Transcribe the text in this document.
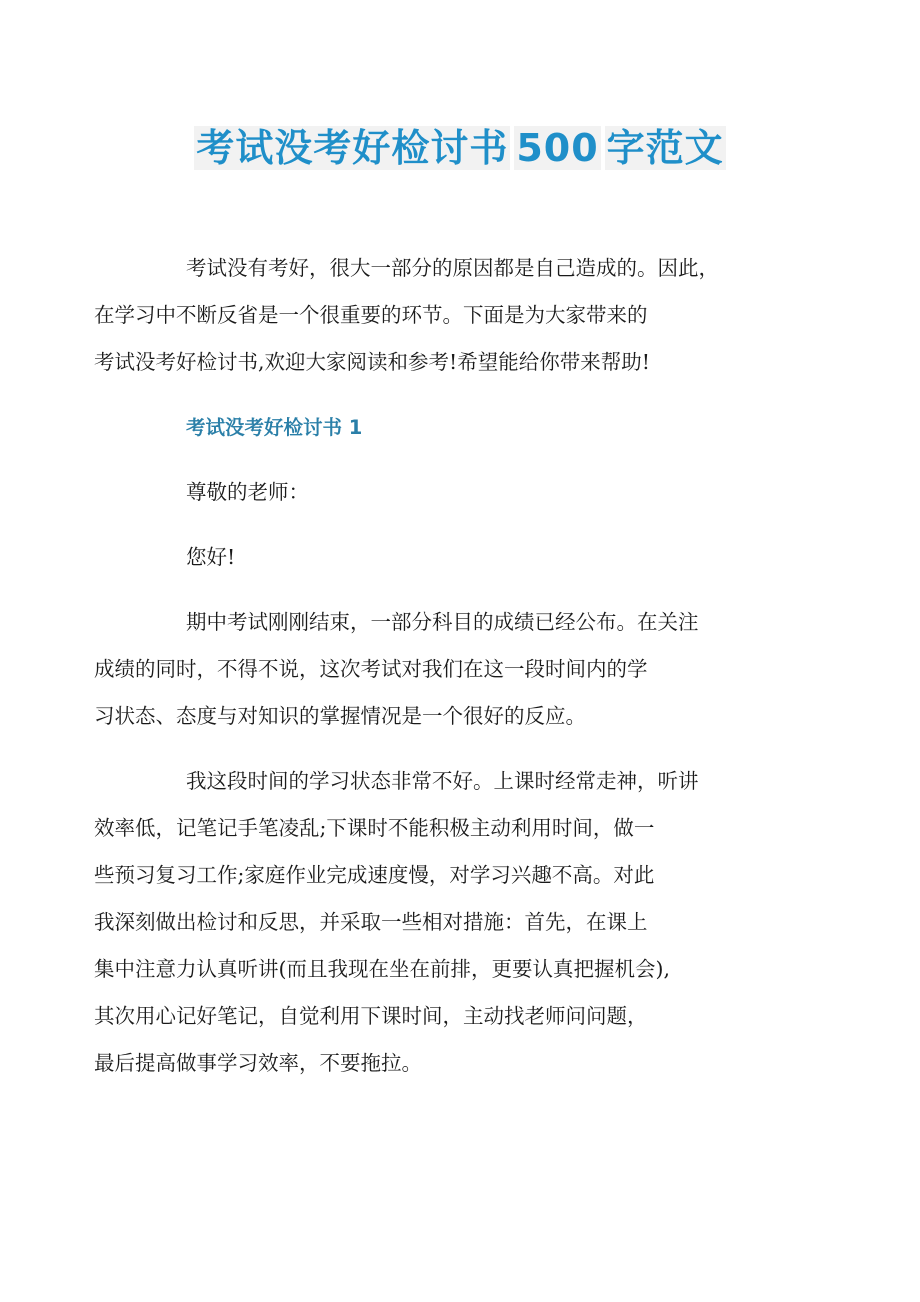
考试没考好检讨书 500 字范文
考试没有考好，很大一部分的原因都是自己造成的。因此，
在学习中不断反省是一个很重要的环节。下面是为大家带来的
考试没考好检讨书,欢迎大家阅读和参考!希望能给你带来帮助!
考试没考好检讨书 1
尊敬的老师：
您好!
期中考试刚刚结束，一部分科目的成绩已经公布。在关注
成绩的同时，不得不说，这次考试对我们在这一段时间内的学
习状态、态度与对知识的掌握情况是一个很好的反应。
我这段时间的学习状态非常不好。上课时经常走神，听讲
效率低，记笔记手笔凌乱;下课时不能积极主动利用时间，做一
些预习复习工作;家庭作业完成速度慢，对学习兴趣不高。对此
我深刻做出检讨和反思，并采取一些相对措施：首先，在课上
集中注意力认真听讲(而且我现在坐在前排，更要认真把握机会),
其次用心记好笔记，自觉利用下课时间，主动找老师问问题，
最后提高做事学习效率，不要拖拉。
